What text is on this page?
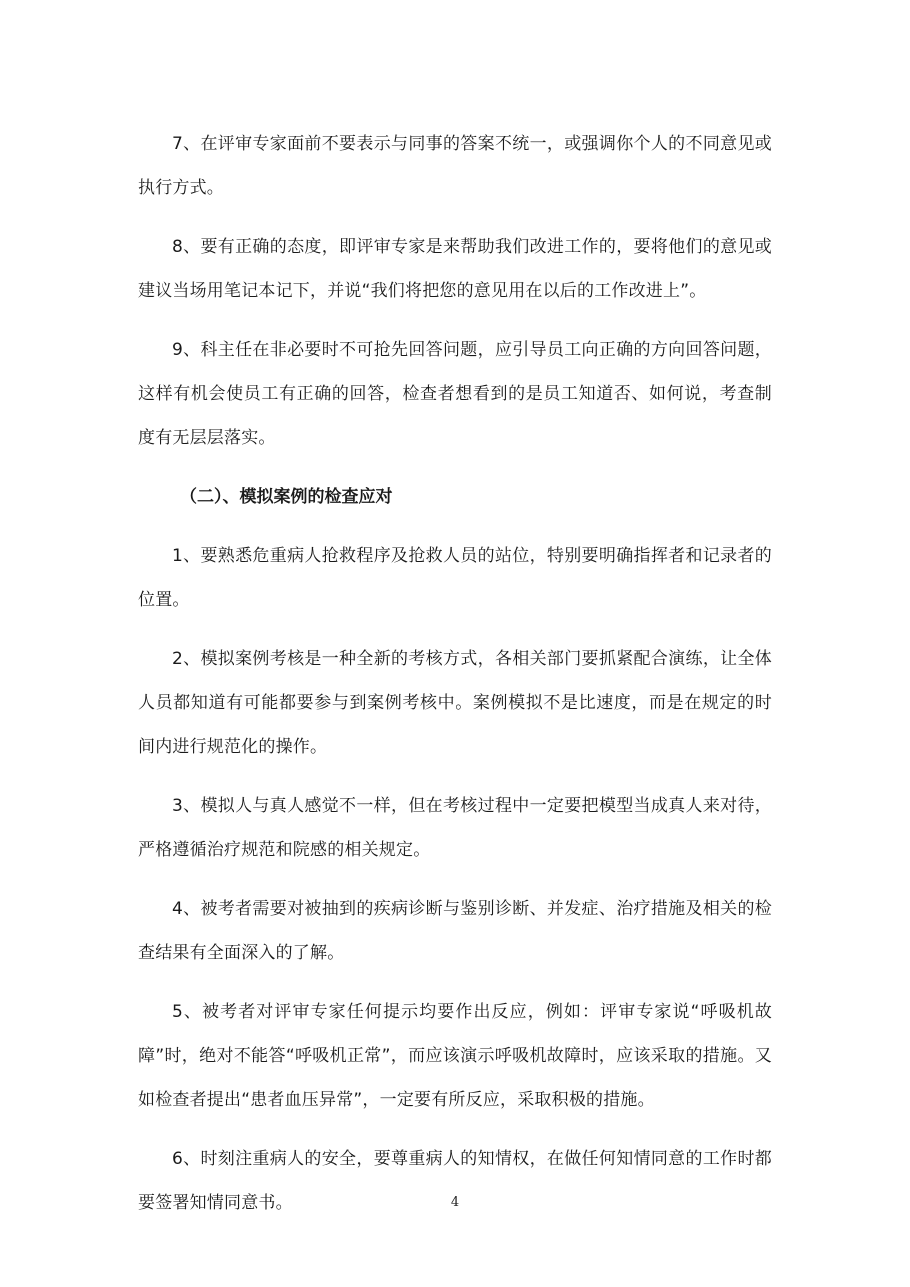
7、在评审专家面前不要表示与同事的答案不统一，或强调你个人的不同意见或执行方式。

8、要有正确的态度，即评审专家是来帮助我们改进工作的，要将他们的意见或建议当场用笔记本记下，并说“我们将把您的意见用在以后的工作改进上”。

9、科主任在非必要时不可抢先回答问题，应引导员工向正确的方向回答问题，这样有机会使员工有正确的回答，检查者想看到的是员工知道否、如何说，考查制度有无层层落实。

（二）、模拟案例的检查应对

1、要熟悉危重病人抢救程序及抢救人员的站位，特别要明确指挥者和记录者的位置。

2、模拟案例考核是一种全新的考核方式，各相关部门要抓紧配合演练，让全体人员都知道有可能都要参与到案例考核中。案例模拟不是比速度，而是在规定的时间内进行规范化的操作。

3、模拟人与真人感觉不一样，但在考核过程中一定要把模型当成真人来对待，严格遵循治疗规范和院感的相关规定。

4、被考者需要对被抽到的疾病诊断与鉴别诊断、并发症、治疗措施及相关的检查结果有全面深入的了解。

5、被考者对评审专家任何提示均要作出反应，例如：评审专家说“呼吸机故障”时，绝对不能答“呼吸机正常”，而应该演示呼吸机故障时，应该采取的措施。又如检查者提出“患者血压异常”，一定要有所反应，采取积极的措施。

6、时刻注重病人的安全，要尊重病人的知情权，在做任何知情同意的工作时都要签署知情同意书。	4
